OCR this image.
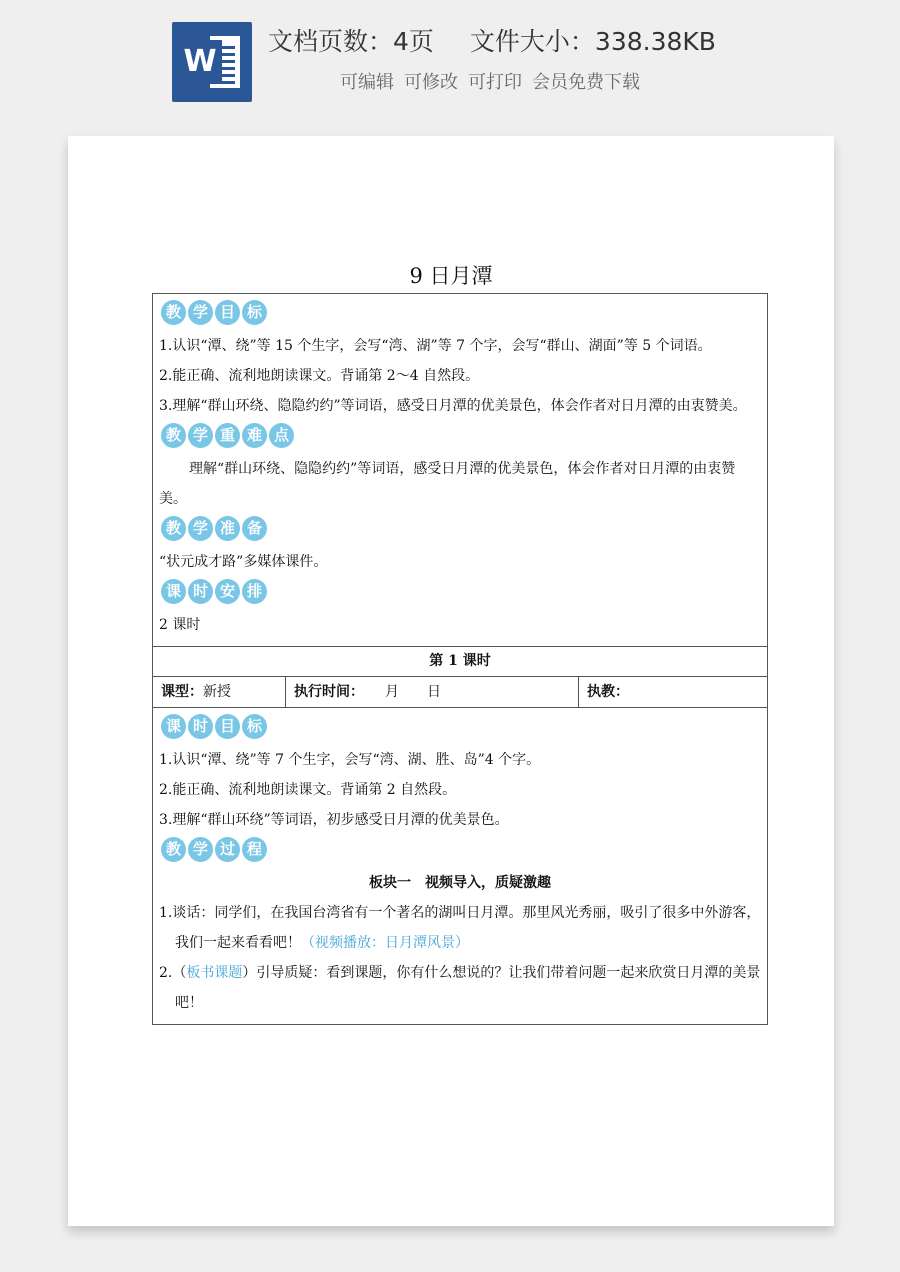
W
文档页数：4页 文件大小：338.38KB
可编辑 可修改 可打印 会员免费下载
9 日月潭
教 学 目 标

1.认识“潭、绕”等 15 个生字，会写“湾、湖”等 7 个字，会写“群山、湖面”等 5 个词语。

2.能正确、流利地朗读课文。背诵第 2～4 自然段。

3.理解“群山环绕、隐隐约约”等词语，感受日月潭的优美景色，体会作者对日月潭的由衷赞美。

教 学 重 难 点

理解“群山环绕、隐隐约约”等词语，感受日月潭的优美景色，体会作者对日月潭的由衷赞美。

教 学 准 备

“状元成才路”多媒体课件。

课 时 安 排

2 课时

第 1 课时
课型：新授	执行时间：　　 月　　日	执教：
课 时 目 标

1.认识“潭、绕”等 7 个生字，会写“湾、湖、胜、岛”4 个字。

2.能正确、流利地朗读课文。背诵第 2 自然段。

3.理解“群山环绕”等词语，初步感受日月潭的优美景色。

教 学 过 程
板块一　视频导入，质疑激趣

1.谈话：同学们，在我国台湾省有一个著名的湖叫日月潭。那里风光秀丽，吸引了很多中外游客，我们一起来看看吧！（视频播放：日月潭风景）

2.（板书课题）引导质疑：看到课题，你有什么想说的？让我们带着问题一起来欣赏日月潭的美景吧！
